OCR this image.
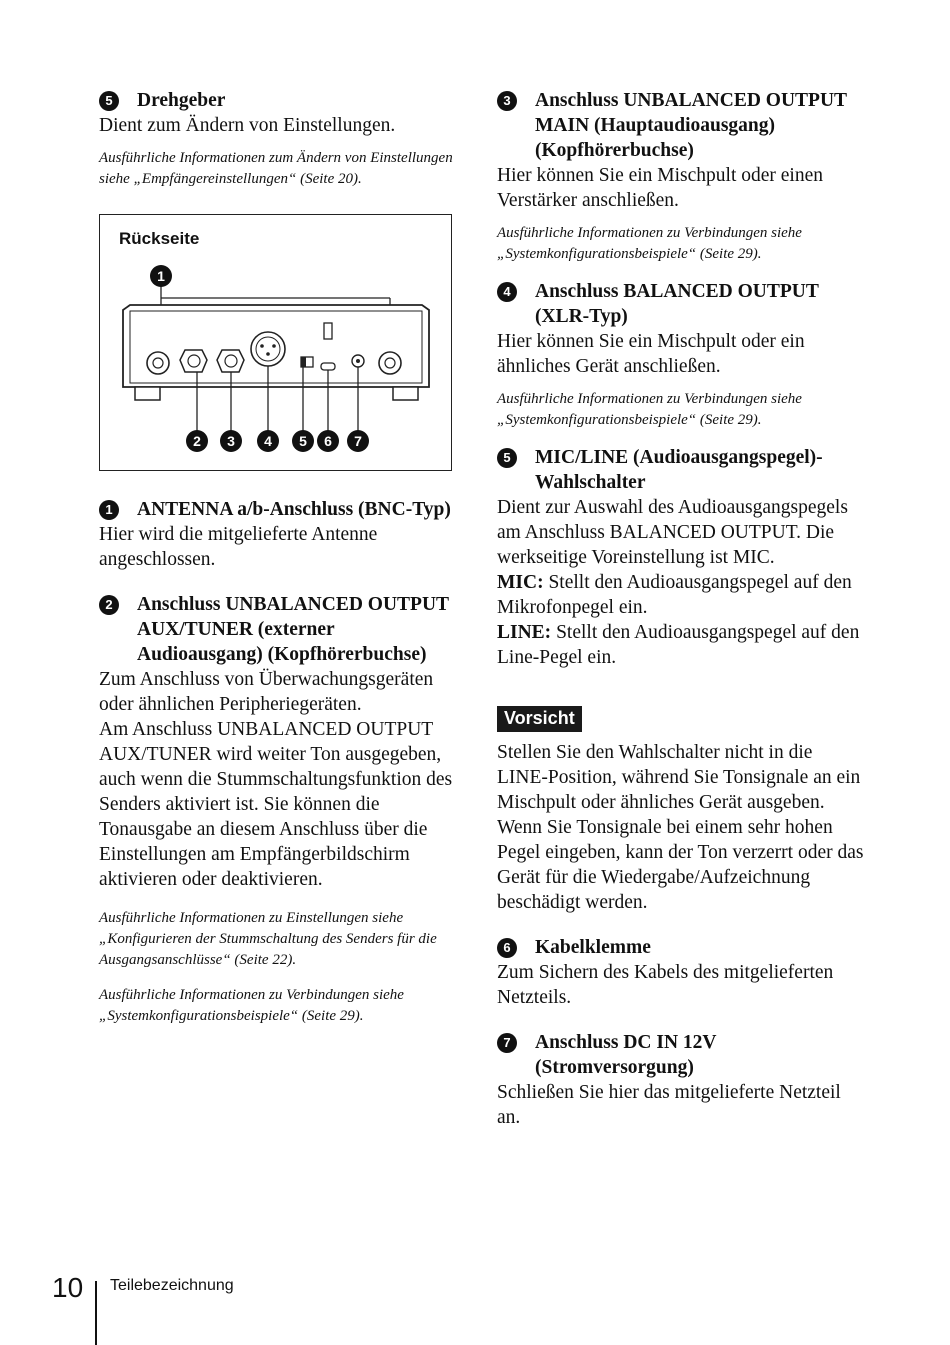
5	Drehgeber

Dient zum Ändern von Einstellungen.

Ausführliche Informationen zum Ändern von Einstellungen siehe „Empfängereinstellungen“ (Seite 20).

Rückseite
1
2 3 4 5 6 7
1	ANTENNA a/b-Anschluss (BNC-Typ)

Hier wird die mitgelieferte Antenne angeschlossen.

2	Anschluss UNBALANCED OUTPUT AUX/TUNER (externer Audioausgang) (Kopfhörerbuchse)

Zum Anschluss von Überwachungsgeräten oder ähnlichen Peripheriegeräten.

Am Anschluss UNBALANCED OUTPUT AUX/TUNER wird weiter Ton ausgegeben, auch wenn die Stummschaltungsfunktion des Senders aktiviert ist. Sie können die Tonausgabe an diesem Anschluss über die Einstellungen am Empfängerbildschirm aktivieren oder deaktivieren.

Ausführliche Informationen zu Einstellungen siehe „Konfigurieren der Stummschaltung des Senders für die Ausgangsanschlüsse“ (Seite 22).

Ausführliche Informationen zu Verbindungen siehe „Systemkonfigurationsbeispiele“ (Seite 29).

3	Anschluss UNBALANCED OUTPUT MAIN (Hauptaudioausgang) (Kopfhörerbuchse)

Hier können Sie ein Mischpult oder einen Verstärker anschließen.

Ausführliche Informationen zu Verbindungen siehe „Systemkonfigurationsbeispiele“ (Seite 29).

4	Anschluss BALANCED OUTPUT (XLR-Typ)

Hier können Sie ein Mischpult oder ein ähnliches Gerät anschließen.

Ausführliche Informationen zu Verbindungen siehe „Systemkonfigurationsbeispiele“ (Seite 29).

5	MIC/LINE (Audioausgangspegel)-Wahlschalter

Dient zur Auswahl des Audioausgangspegels am Anschluss BALANCED OUTPUT. Die werkseitige Voreinstellung ist MIC.

MIC: Stellt den Audioausgangspegel auf den Mikrofonpegel ein.

LINE: Stellt den Audioausgangspegel auf den Line-Pegel ein.

Vorsicht

Stellen Sie den Wahlschalter nicht in die LINE-Position, während Sie Tonsignale an ein Mischpult oder ähnliches Gerät ausgeben. Wenn Sie Tonsignale bei einem sehr hohen Pegel eingeben, kann der Ton verzerrt oder das Gerät für die Wiedergabe/Aufzeichnung beschädigt werden.

6	Kabelklemme

Zum Sichern des Kabels des mitgelieferten Netzteils.

7	Anschluss DC IN 12V (Stromversorgung)

Schließen Sie hier das mitgelieferte Netzteil an.

10 Teilebezeichnung
